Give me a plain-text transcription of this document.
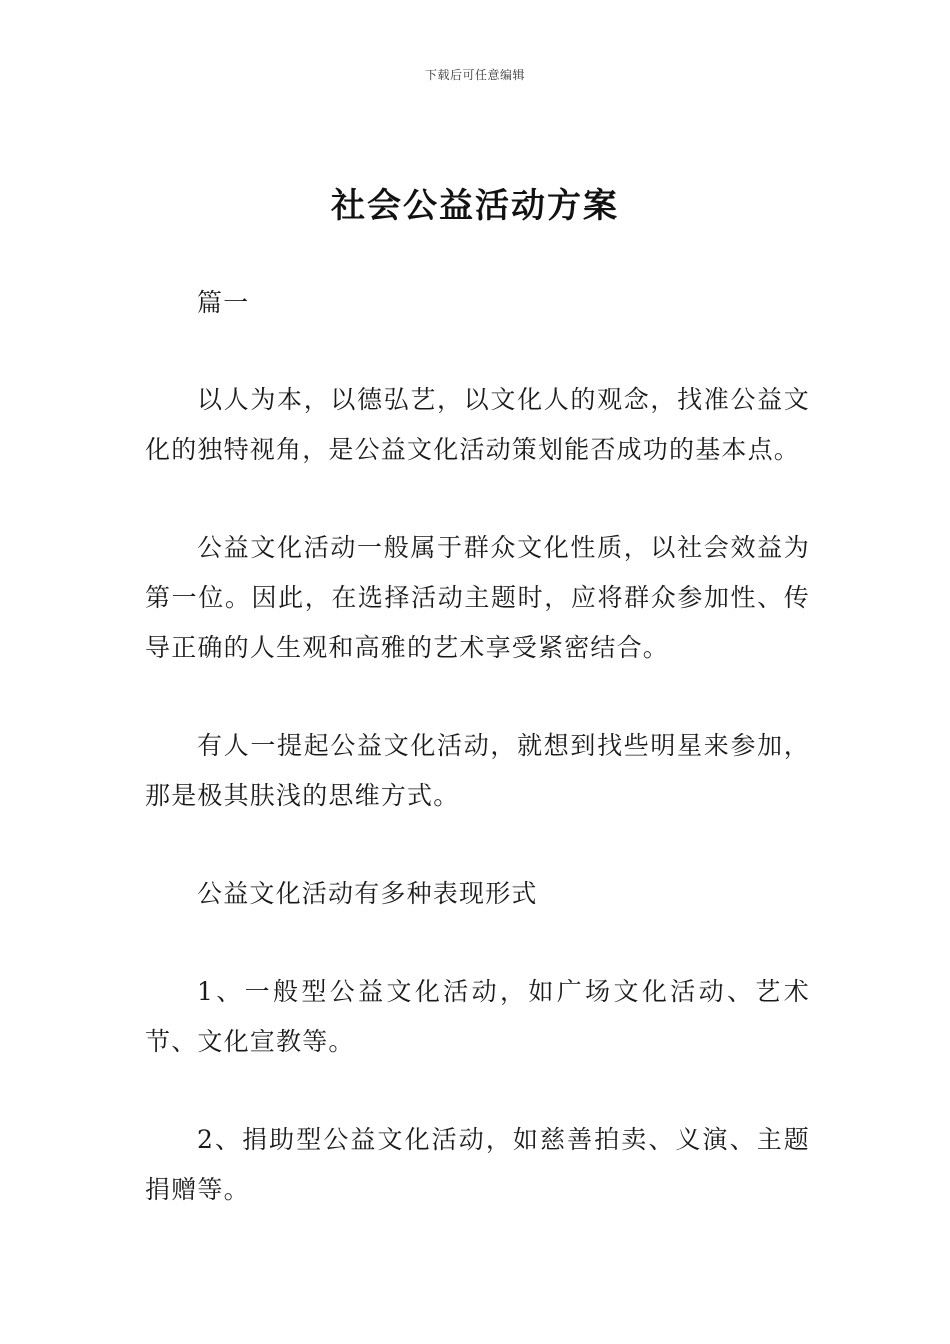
下载后可任意编辑
社会公益活动方案

篇一

以人为本，以德弘艺，以文化人的观念，找准公益文化的独特视角，是公益文化活动策划能否成功的基本点。

公益文化活动一般属于群众文化性质，以社会效益为第一位。因此，在选择活动主题时，应将群众参加性、传导正确的人生观和高雅的艺术享受紧密结合。

有人一提起公益文化活动，就想到找些明星来参加，那是极其肤浅的思维方式。

公益文化活动有多种表现形式

1、一般型公益文化活动，如广场文化活动、艺术节、文化宣教等。

2、捐助型公益文化活动，如慈善拍卖、义演、主题捐赠等。
